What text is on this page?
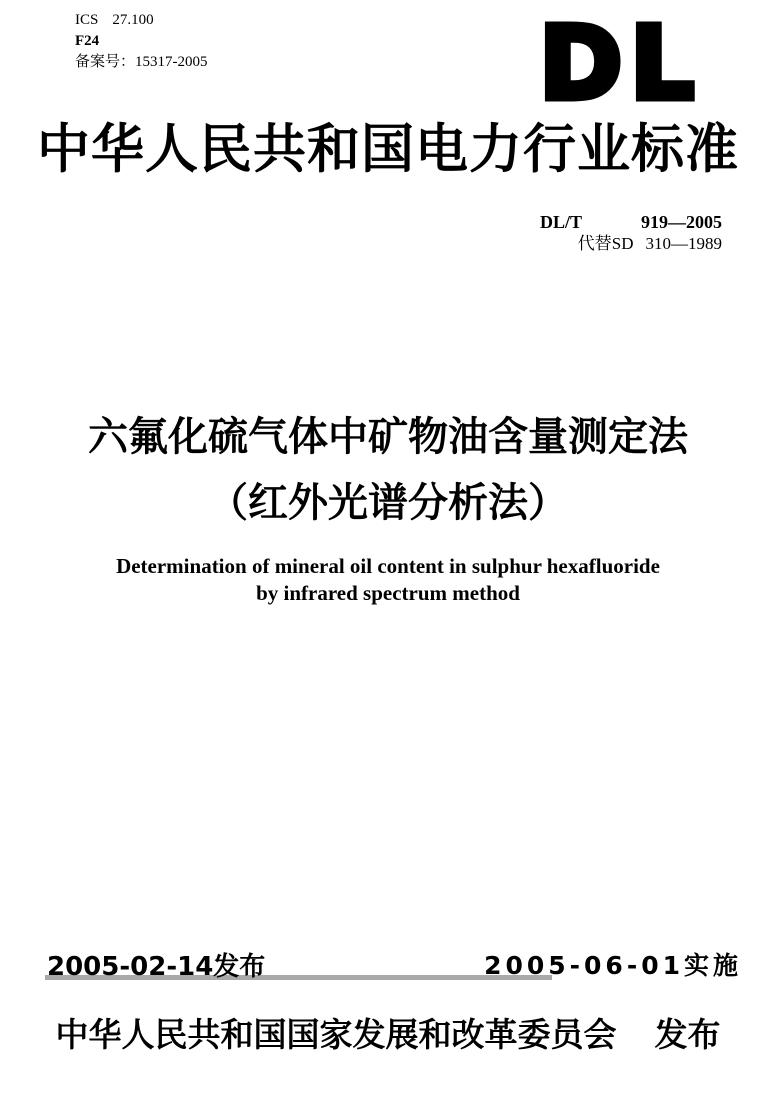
ICS 27.100
F24
备案号：15317-2005	DL
中华人民共和国电力行业标准
DL/T	919—2005
代替SD 310—1989
六氟化硫气体中矿物油含量测定法
（红外光谱分析法）
Determination of mineral oil content in sulphur hexafluoride
by infrared spectrum method
2005-02-14发布	2005-06-01实施
中华人民共和国国家发展和改革委员会 发布
